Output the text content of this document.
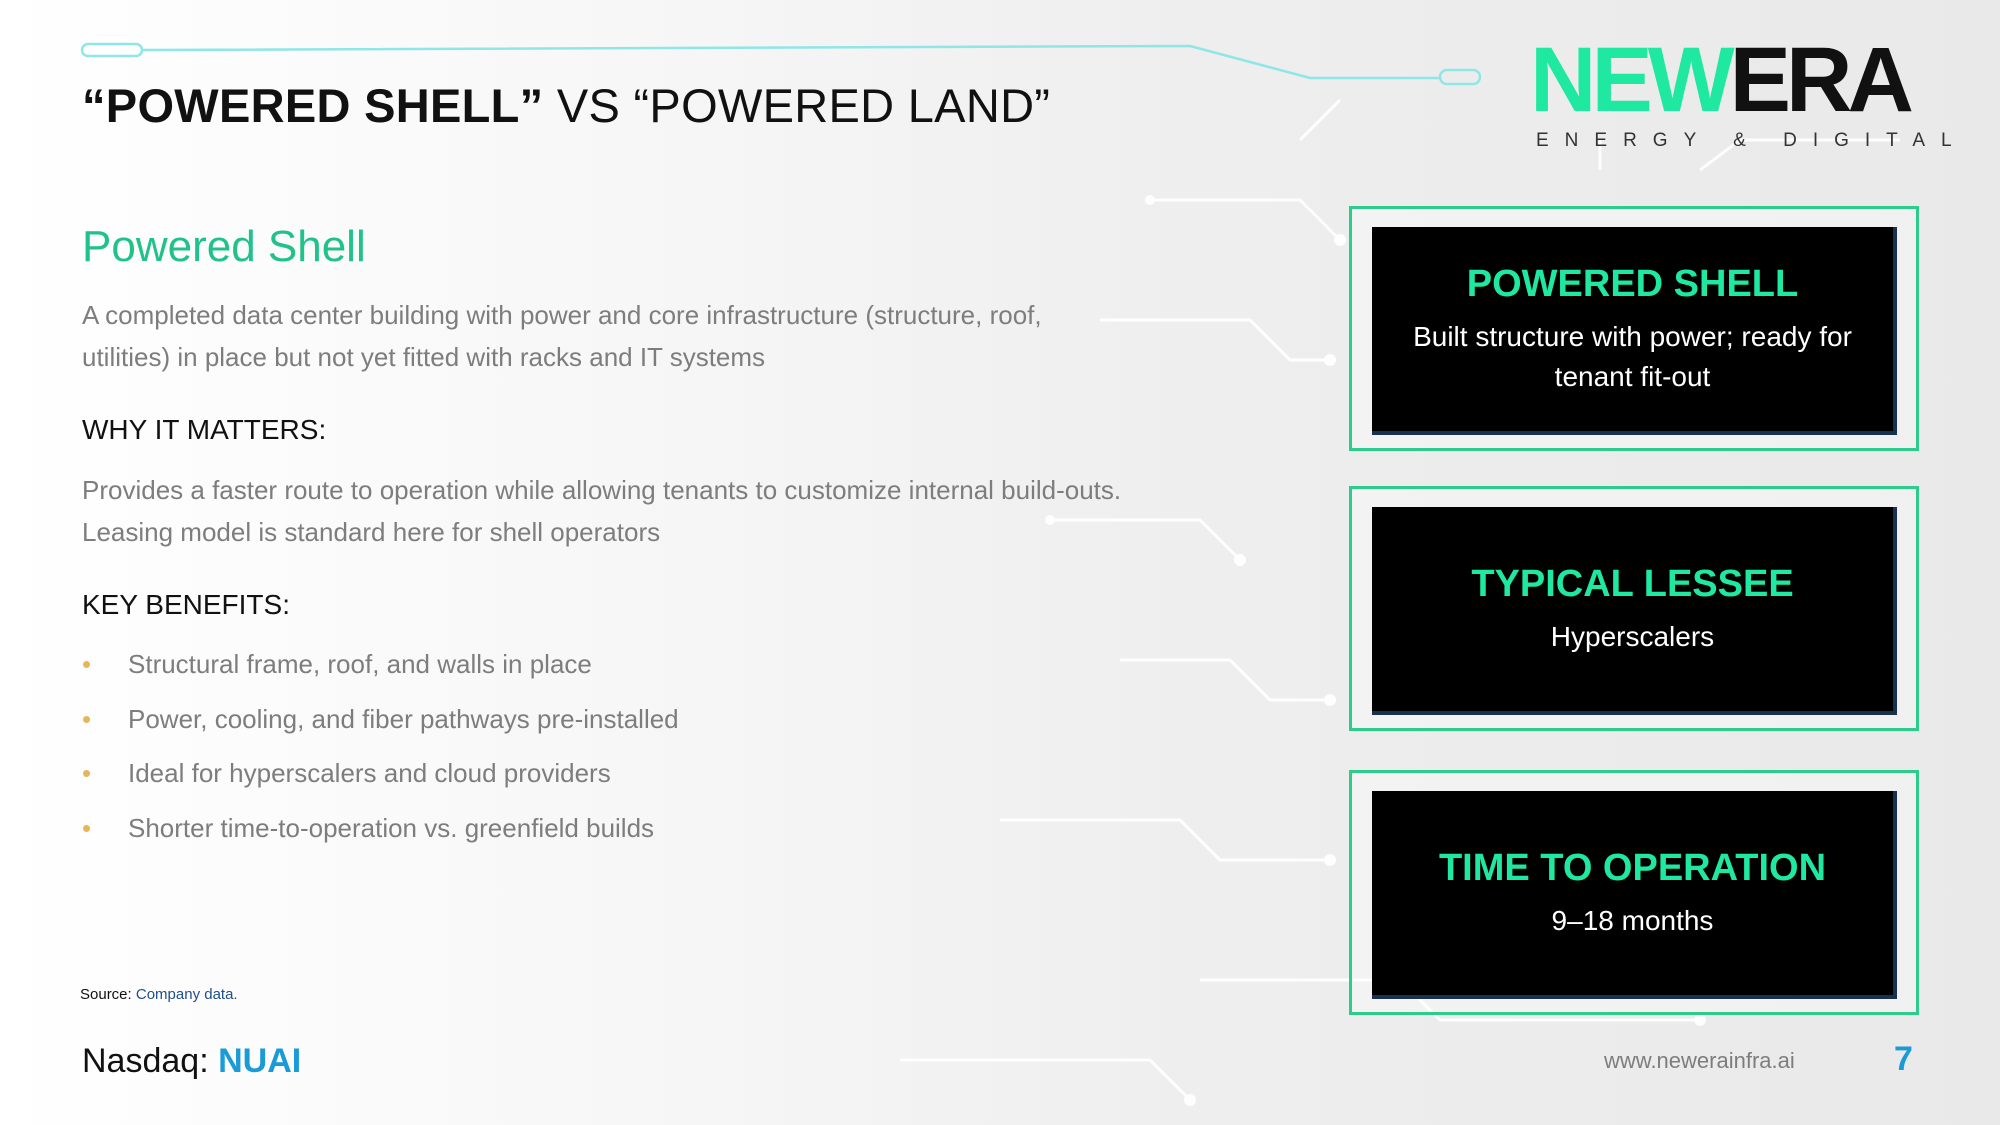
“POWERED SHELL” VS “POWERED LAND”	NEWERA
ENERGY & DIGITAL
Powered Shell
A completed data center building with power and core infrastructure (structure, roof, utilities) in place but not yet fitted with racks and IT systems
WHY IT MATTERS:
Provides a faster route to operation while allowing tenants to customize internal build-outs. Leasing model is standard here for shell operators
KEY BENEFITS:
• Structural frame, roof, and walls in place
• Power, cooling, and fiber pathways pre-installed
• Ideal for hyperscalers and cloud providers
• Shorter time-to-operation vs. greenfield builds
Source: Company data.
Nasdaq: NUAI	www.newerainfra.ai	7
POWERED SHELL
Built structure with power; ready for tenant fit-out
TYPICAL LESSEE
Hyperscalers
TIME TO OPERATION
9–18 months
